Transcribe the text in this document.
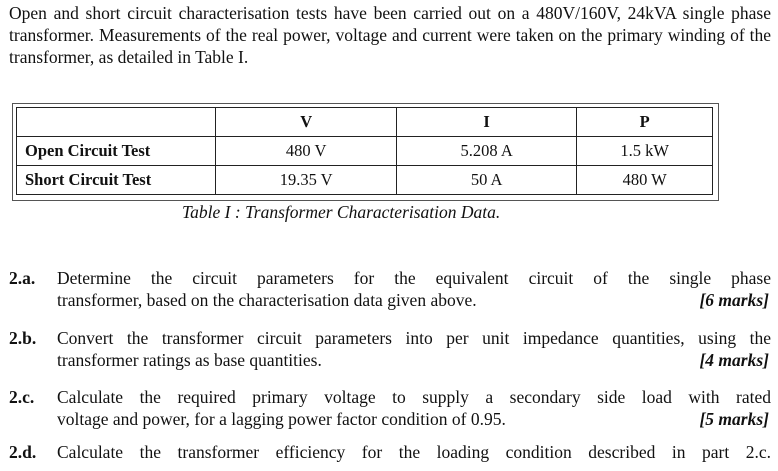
Open and short circuit characterisation tests have been carried out on a 480V/160V, 24kVA single phase transformer. Measurements of the real power, voltage and current were taken on the primary winding of the transformer, as detailed in Table I.

	V	I	P
Open Circuit Test	480 V	5.208 A	1.5 kW
Short Circuit Test	19.35 V	50 A	480 W
Table I : Transformer Characterisation Data.
2.a. Determine the circuit parameters for the equivalent circuit of the single phase
transformer, based on the characterisation data given above.	[6 marks]
2.b. Convert the transformer circuit parameters into per unit impedance quantities, using the
transformer ratings as base quantities.	[4 marks]
2.c. Calculate the required primary voltage to supply a secondary side load with rated
voltage and power, for a lagging power factor condition of 0.95.	[5 marks]
2.d. Calculate the transformer efficiency for the loading condition described in part 2.c.
